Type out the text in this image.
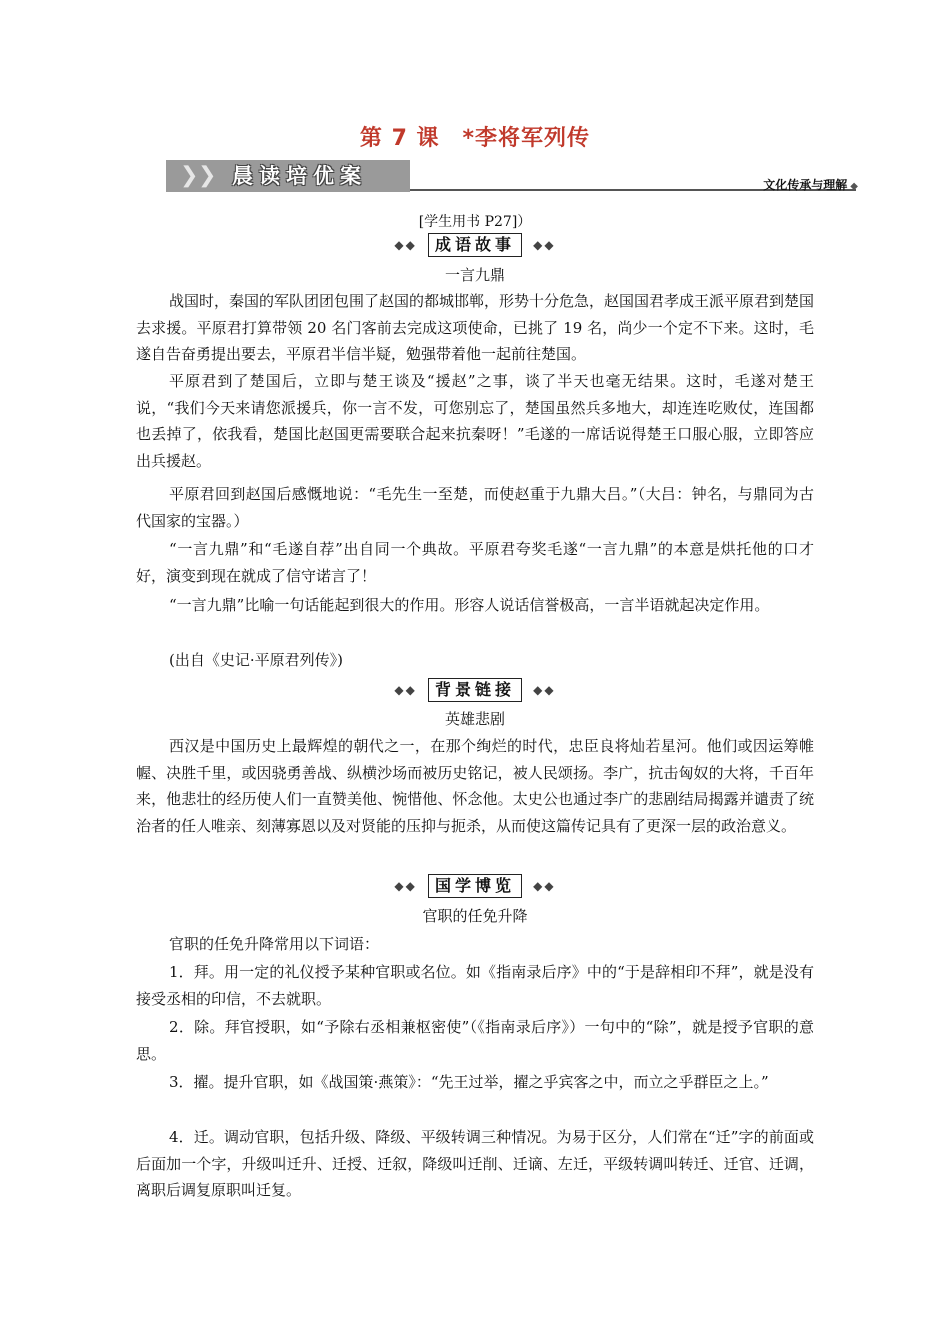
第 7 课　*李将军列传
❯ ❯ 晨读培优案	文化传承与理解 ◆
[学生用书 P27]）
◆◆ 成语故事 ◆◆
一言九鼎

战国时，秦国的军队团团包围了赵国的都城邯郸，形势十分危急，赵国国君孝成王派平原君到楚国去求援。平原君打算带领 20 名门客前去完成这项使命，已挑了 19 名，尚少一个定不下来。这时，毛遂自告奋勇提出要去，平原君半信半疑，勉强带着他一起前往楚国。

平原君到了楚国后，立即与楚王谈及“援赵”之事，谈了半天也毫无结果。这时，毛遂对楚王说，“我们今天来请您派援兵，你一言不发，可您别忘了，楚国虽然兵多地大，却连连吃败仗，连国都也丢掉了，依我看，楚国比赵国更需要联合起来抗秦呀！”毛遂的一席话说得楚王口服心服，立即答应出兵援赵。

平原君回到赵国后感慨地说：“毛先生一至楚，而使赵重于九鼎大吕。”（大吕：钟名，与鼎同为古代国家的宝器。）

“一言九鼎”和“毛遂自荐”出自同一个典故。平原君夸奖毛遂“一言九鼎”的本意是烘托他的口才好，演变到现在就成了信守诺言了！

“一言九鼎”比喻一句话能起到很大的作用。形容人说话信誉极高，一言半语就起决定作用。

(出自《史记·平原君列传》)

◆◆ 背景链接 ◆◆
英雄悲剧

西汉是中国历史上最辉煌的朝代之一，在那个绚烂的时代，忠臣良将灿若星河。他们或因运筹帷幄、决胜千里，或因骁勇善战、纵横沙场而被历史铭记，被人民颂扬。李广，抗击匈奴的大将，千百年来，他悲壮的经历使人们一直赞美他、惋惜他、怀念他。太史公也通过李广的悲剧结局揭露并谴责了统治者的任人唯亲、刻薄寡恩以及对贤能的压抑与扼杀，从而使这篇传记具有了更深一层的政治意义。

◆◆ 国学博览 ◆◆
官职的任免升降

官职的任免升降常用以下词语：

1．拜。用一定的礼仪授予某种官职或名位。如《指南录后序》中的“于是辞相印不拜”，就是没有接受丞相的印信，不去就职。

2．除。拜官授职，如“予除右丞相兼枢密使”（《指南录后序》）一句中的“除”，就是授予官职的意思。

3．擢。提升官职，如《战国策·燕策》：“先王过举，擢之乎宾客之中，而立之乎群臣之上。”

4．迁。调动官职，包括升级、降级、平级转调三种情况。为易于区分，人们常在“迁”字的前面或后面加一个字，升级叫迁升、迁授、迁叙，降级叫迁削、迁谪、左迁，平级转调叫转迁、迁官、迁调，离职后调复原职叫迁复。
